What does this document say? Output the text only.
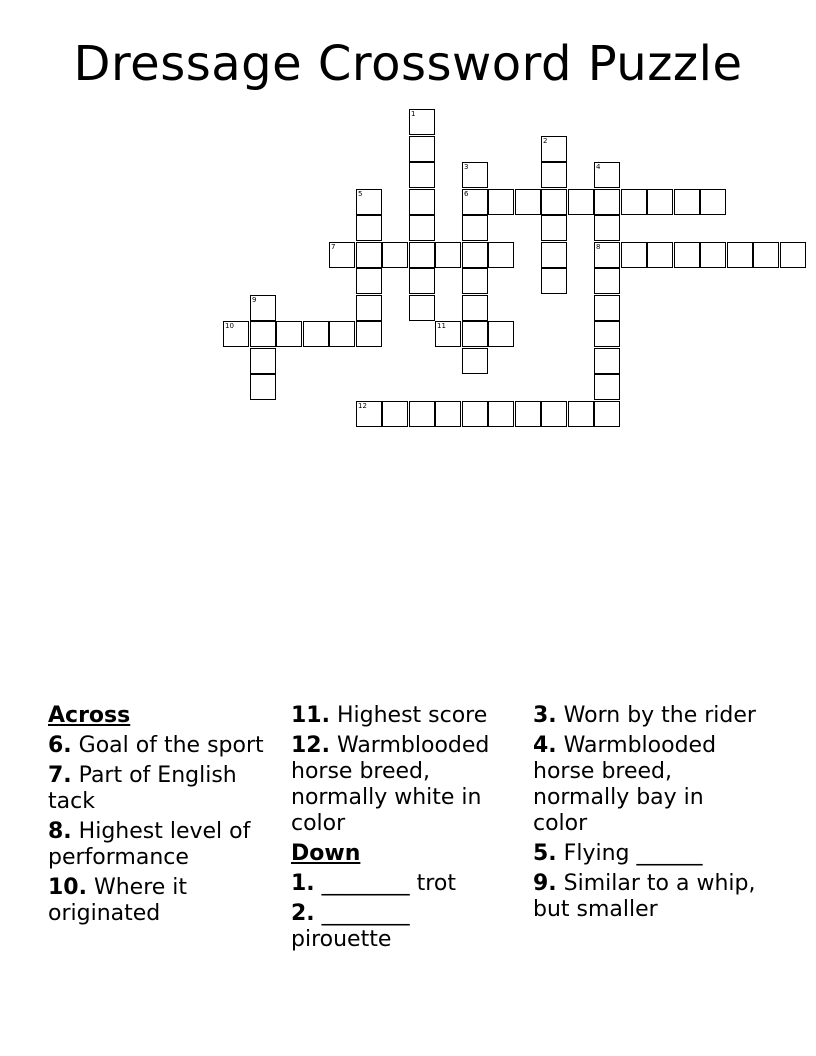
Dressage Crossword Puzzle
1
2
3
6
4
8
5
7
9
10	11
12
Across
6. Goal of the sport
7. Part of English tack
8. Highest level of performance
10. Where it originated
11. Highest score
12. Warmblooded horse breed, normally white in color
Down
1. ________ trot
2. ________ pirouette
3. Worn by the rider
4. Warmblooded horse breed, normally bay in color
5. Flying ______
9. Similar to a whip, but smaller
